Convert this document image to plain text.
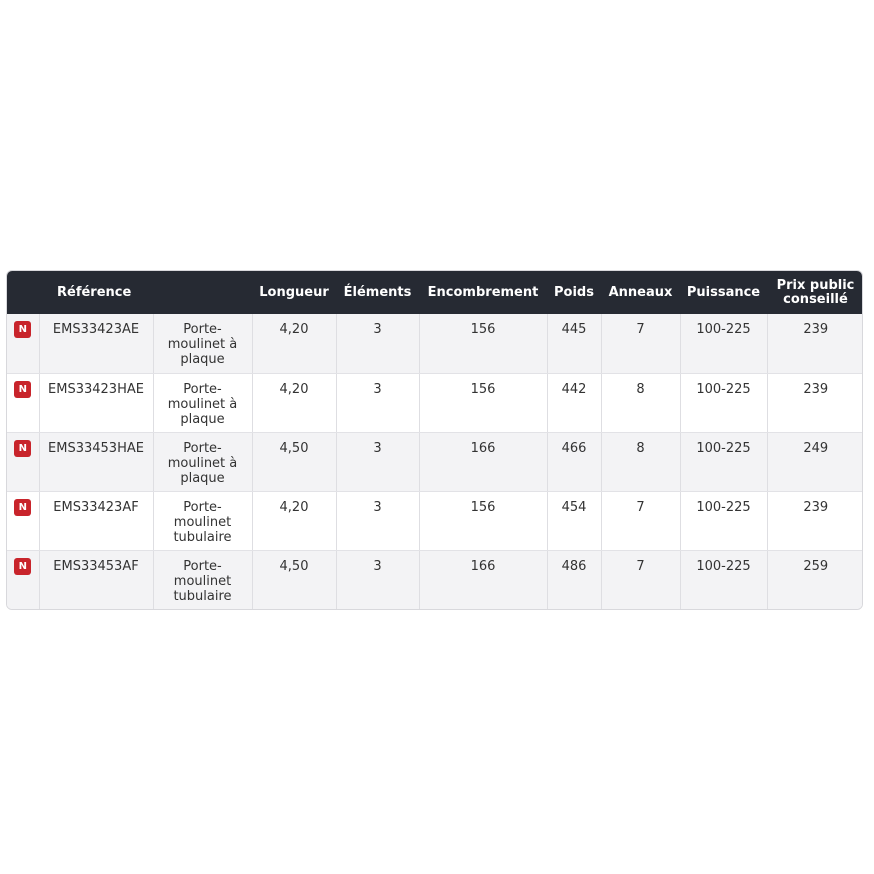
	Référence		Longueur	Éléments	Encombrement	Poids	Anneaux	Puissance	Prix public conseillé
N	EMS33423AE	Porte-moulinet à plaque	4,20	3	156	445	7	100-225	239
N	EMS33423HAE	Porte-moulinet à plaque	4,20	3	156	442	8	100-225	239
N	EMS33453HAE	Porte-moulinet à plaque	4,50	3	166	466	8	100-225	249
N	EMS33423AF	Porte-moulinet tubulaire	4,20	3	156	454	7	100-225	239
N	EMS33453AF	Porte-moulinet tubulaire	4,50	3	166	486	7	100-225	259
